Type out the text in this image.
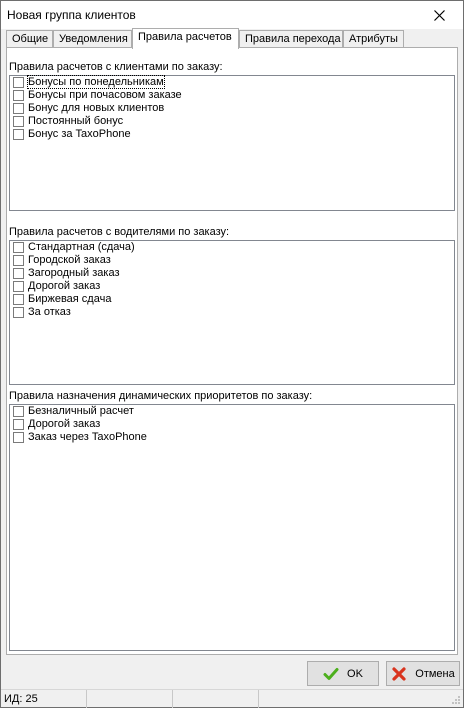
Новая группа клиентов
Общие Уведомления Правила расчетов	Правила перехода Атрибуты
Правила расчетов с клиентами по заказу:
Бонусы по понедельникам
Бонусы при почасовом заказе
Бонус для новых клиентов
Постоянный бонус
Бонус за TaxoPhone
Правила расчетов с водителями по заказу:
Стандартная (сдача)
Городской заказ
Загородный заказ
Дорогой заказ
Биржевая сдача
За отказ
Правила назначения динамических приоритетов по заказу:
Безналичный расчет
Дорогой заказ
Заказ через TaxoPhone
OK	Отмена
ИД: 25
